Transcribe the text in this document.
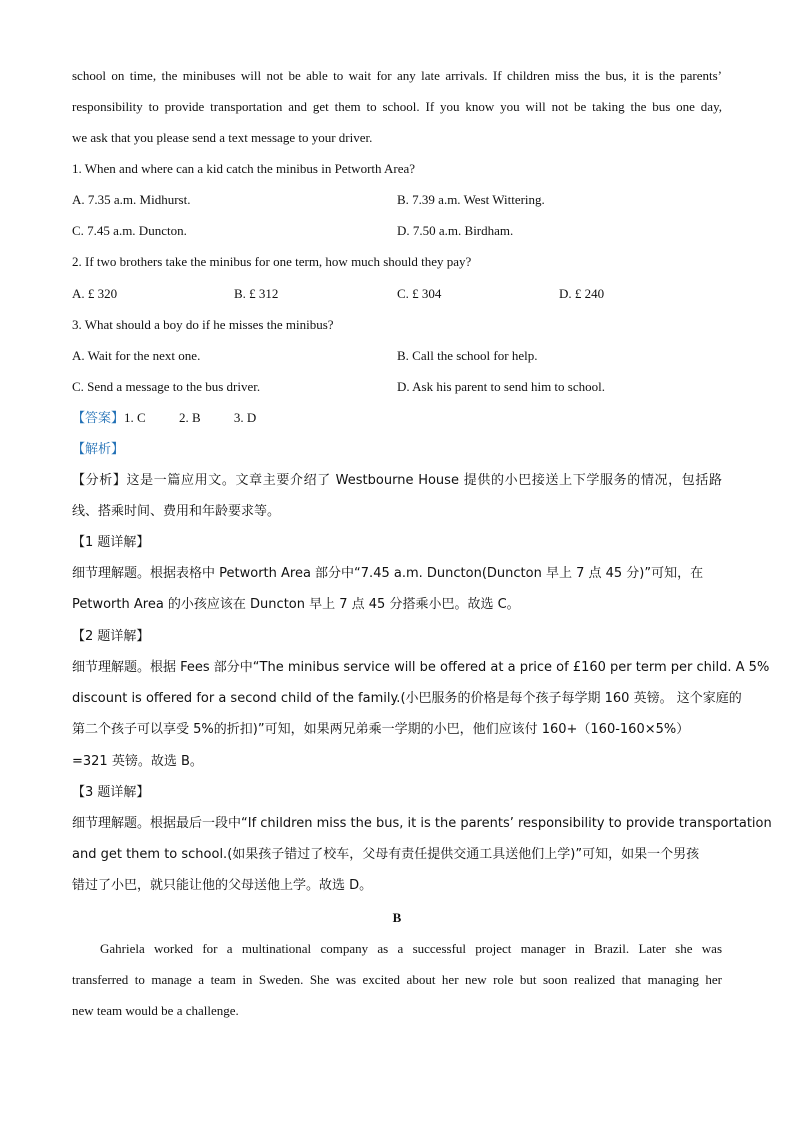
school on time, the minibuses will not be able to wait for any late arrivals. If children miss the bus, it is the parents’
responsibility to provide transportation and get them to school. If you know you will not be taking the bus one day,
we ask that you please send a text message to your driver.
1. When and where can a kid catch the minibus in Petworth Area?
A. 7.35 a.m. Midhurst.	B. 7.39 a.m. West Wittering.
C. 7.45 a.m. Duncton.	D. 7.50 a.m. Birdham.
2. If two brothers take the minibus for one term, how much should they pay?
A. £ 320	B. £ 312	C. £ 304	D. £ 240
3. What should a boy do if he misses the minibus?
A. Wait for the next one.	B. Call the school for help.
C. Send a message to the bus driver.	D. Ask his parent to send him to school.
【答案】1. C	2. B	3. D
【解析】
【分析】这是一篇应用文。文章主要介绍了 Westbourne House 提供的小巴接送上下学服务的情况，包括路
线、搭乘时间、费用和年龄要求等。
【1 题详解】
细节理解题。根据表格中 Petworth Area 部分中“7.45 a.m. Duncton(Duncton 早上 7 点 45 分)”可知，在
Petworth Area 的小孩应该在 Duncton 早上 7 点 45 分搭乘小巴。故选 C。
【2 题详解】
细节理解题。根据 Fees 部分中“The minibus service will be offered at a price of £160 per term per child. A 5%
discount is offered for a second child of the family.(小巴服务的价格是每个孩子每学期 160 英镑。 这个家庭的
第二个孩子可以享受 5%的折扣)”可知，如果两兄弟乘一学期的小巴，他们应该付 160+（160-160×5%）
=321 英镑。故选 B。
【3 题详解】
细节理解题。根据最后一段中“If children miss the bus, it is the parents’ responsibility to provide transportation
and get them to school.(如果孩子错过了校车，父母有责任提供交通工具送他们上学)”可知，如果一个男孩
错过了小巴，就只能让他的父母送他上学。故选 D。
B
Gahriela worked for a multinational company as a successful project manager in Brazil. Later she was
transferred to manage a team in Sweden. She was excited about her new role but soon realized that managing her
new team would be a challenge.
